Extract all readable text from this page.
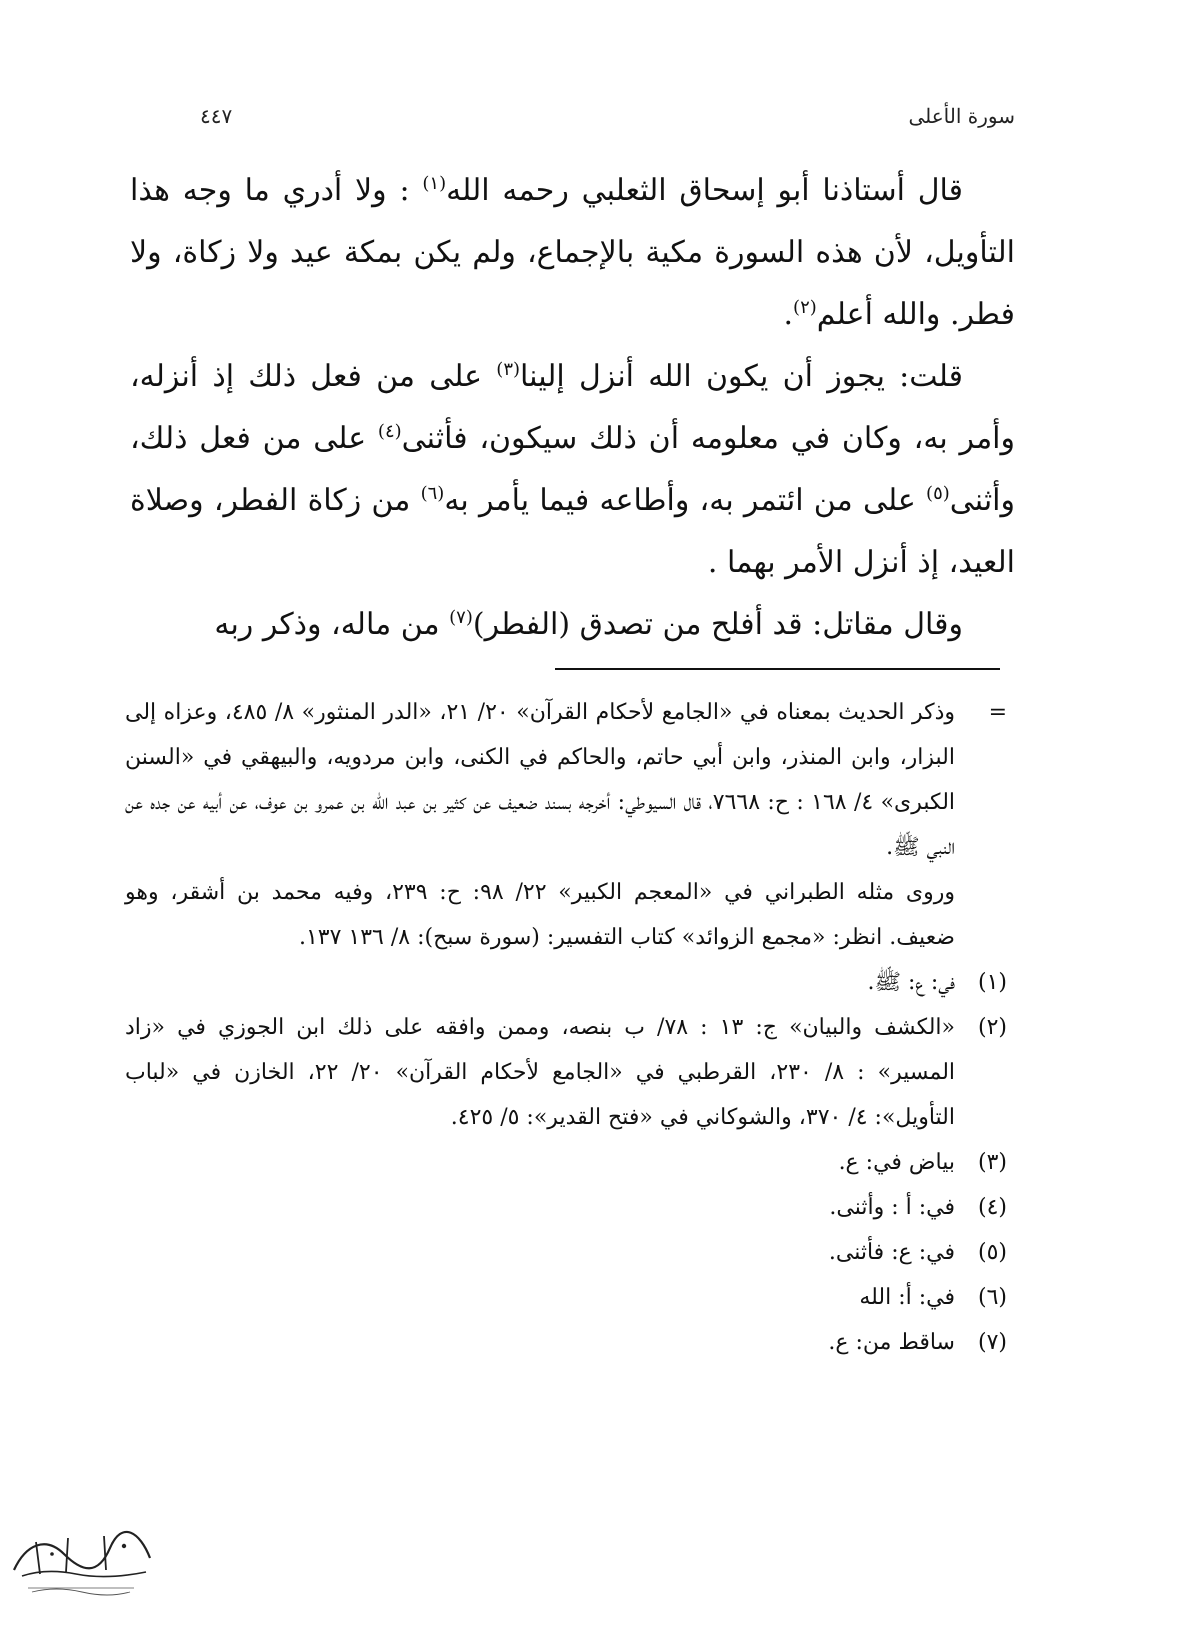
سورة الأعلى
٤٤٧

قال أستاذنا أبو إسحاق الثعلبي رحمه الله$^{(١)}$ : ولا أدري ما وجه هذا التأويل، لأن هذه السورة مكية بالإجماع، ولم يكن بمكة عيد ولا زكاة، ولا فطر. والله أعلم$^{(٢)}$.

قلت: يجوز أن يكون الله أنزل إلينا$^{(٣)}$ على من فعل ذلك إذ أنزله، وأمر به، وكان في معلومه أن ذلك سيكون، فأثنى$^{(٤)}$ على من فعل ذلك، وأثنى$^{(٥)}$ على من ائتمر به، وأطاعه فيما يأمر به$^{(٦)}$ من زكاة الفطر، وصلاة العيد، إذ أنزل الأمر بهما .

وقال مقاتل: قد أفلح من تصدق (الفطر)$^{(٧)}$ من ماله، وذكر ربه

=

وذكر الحديث بمعناه في «الجامع لأحكام القرآن» ٢٠/ ٢١، «الدر المنثور» ٨/ ٤٨٥، وعزاه إلى البزار، وابن المنذر، وابن أبي حاتم، والحاكم في الكنى، وابن مردويه، والبيهقي في «السنن الكبرى» ٤/ ١٦٨ : ح: ٧٦٦٨، قال السيوطي: أخرجه بسند ضعيف عن كثير بن عبد الله بن عمرو بن عوف، عن أبيه عن جده عن النبي ﷺ.

وروى مثله الطبراني في «المعجم الكبير» ٢٢/ ٩٨: ح: ٢٣٩، وفيه محمد بن أشقر، وهو ضعيف. انظر: «مجمع الزوائد» كتاب التفسير: (سورة سبح): ٨/ ١٣٦ ١٣٧.

(١)
في: ع: ﷺ.
(٢)
«الكشف والبيان» ج: ١٣ : ٧٨/ ب بنصه، وممن وافقه على ذلك ابن الجوزي في «زاد المسير» : ٨/ ٢٣٠، القرطبي في «الجامع لأحكام القرآن» ٢٠/ ٢٢، الخازن في «لباب التأويل»: ٤/ ٣٧٠، والشوكاني في «فتح القدير»: ٥/ ٤٢٥.
(٣)
بياض في: ع.
(٤)
في: أ : وأثنى.
(٥)
في: ع: فأثنى.
(٦)
في: أ: الله
(٧)
ساقط من: ع.
